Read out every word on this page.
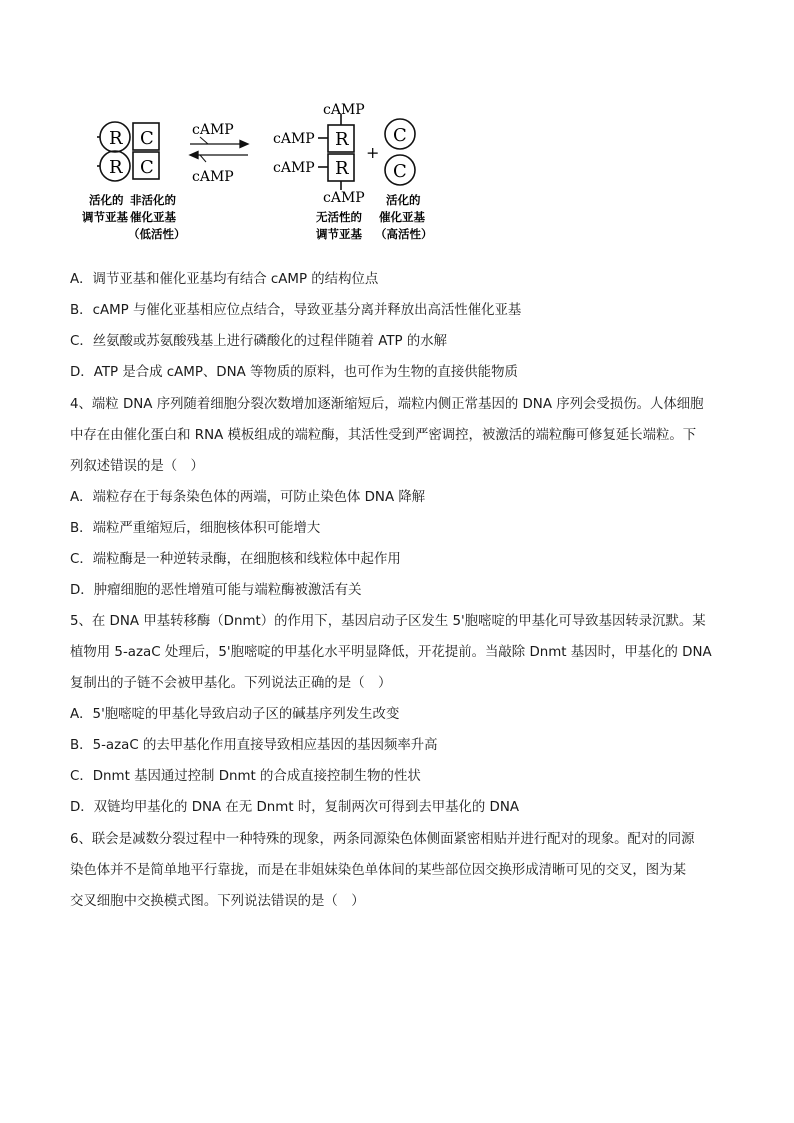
R
R
C
C
cAMP
cAMP
R
R
cAMP
cAMP
cAMP
cAMP
+
C
C
活化的
调节亚基
非活化的
催化亚基
（低活性）
无活性的
调节亚基
活化的
催化亚基
（高活性）
A．调节亚基和催化亚基均有结合 cAMP 的结构位点
B．cAMP 与催化亚基相应位点结合，导致亚基分离并释放出高活性催化亚基
C．丝氨酸或苏氨酸残基上进行磷酸化的过程伴随着 ATP 的水解
D．ATP 是合成 cAMP、DNA 等物质的原料，也可作为生物的直接供能物质
4、端粒 DNA 序列随着细胞分裂次数增加逐渐缩短后，端粒内侧正常基因的 DNA 序列会受损伤。人体细胞
中存在由催化蛋白和 RNA 模板组成的端粒酶，其活性受到严密调控，被激活的端粒酶可修复延长端粒。下
列叙述错误的是（　）
A．端粒存在于每条染色体的两端，可防止染色体 DNA 降解
B．端粒严重缩短后，细胞核体积可能增大
C．端粒酶是一种逆转录酶，在细胞核和线粒体中起作用
D．肿瘤细胞的恶性增殖可能与端粒酶被激活有关
5、在 DNA 甲基转移酶（Dnmt）的作用下，基因启动子区发生 5'胞嘧啶的甲基化可导致基因转录沉默。某
植物用 5-azaC 处理后，5'胞嘧啶的甲基化水平明显降低，开花提前。当敲除 Dnmt 基因时，甲基化的 DNA
复制出的子链不会被甲基化。下列说法正确的是（　）
A．5'胞嘧啶的甲基化导致启动子区的碱基序列发生改变
B．5-azaC 的去甲基化作用直接导致相应基因的基因频率升高
C．Dnmt 基因通过控制 Dnmt 的合成直接控制生物的性状
D．双链均甲基化的 DNA 在无 Dnmt 时，复制两次可得到去甲基化的 DNA
6、联会是减数分裂过程中一种特殊的现象，两条同源染色体侧面紧密相贴并进行配对的现象。配对的同源
染色体并不是简单地平行靠拢，而是在非姐妹染色单体间的某些部位因交换形成清晰可见的交叉，图为某
交叉细胞中交换模式图。下列说法错误的是（　）
